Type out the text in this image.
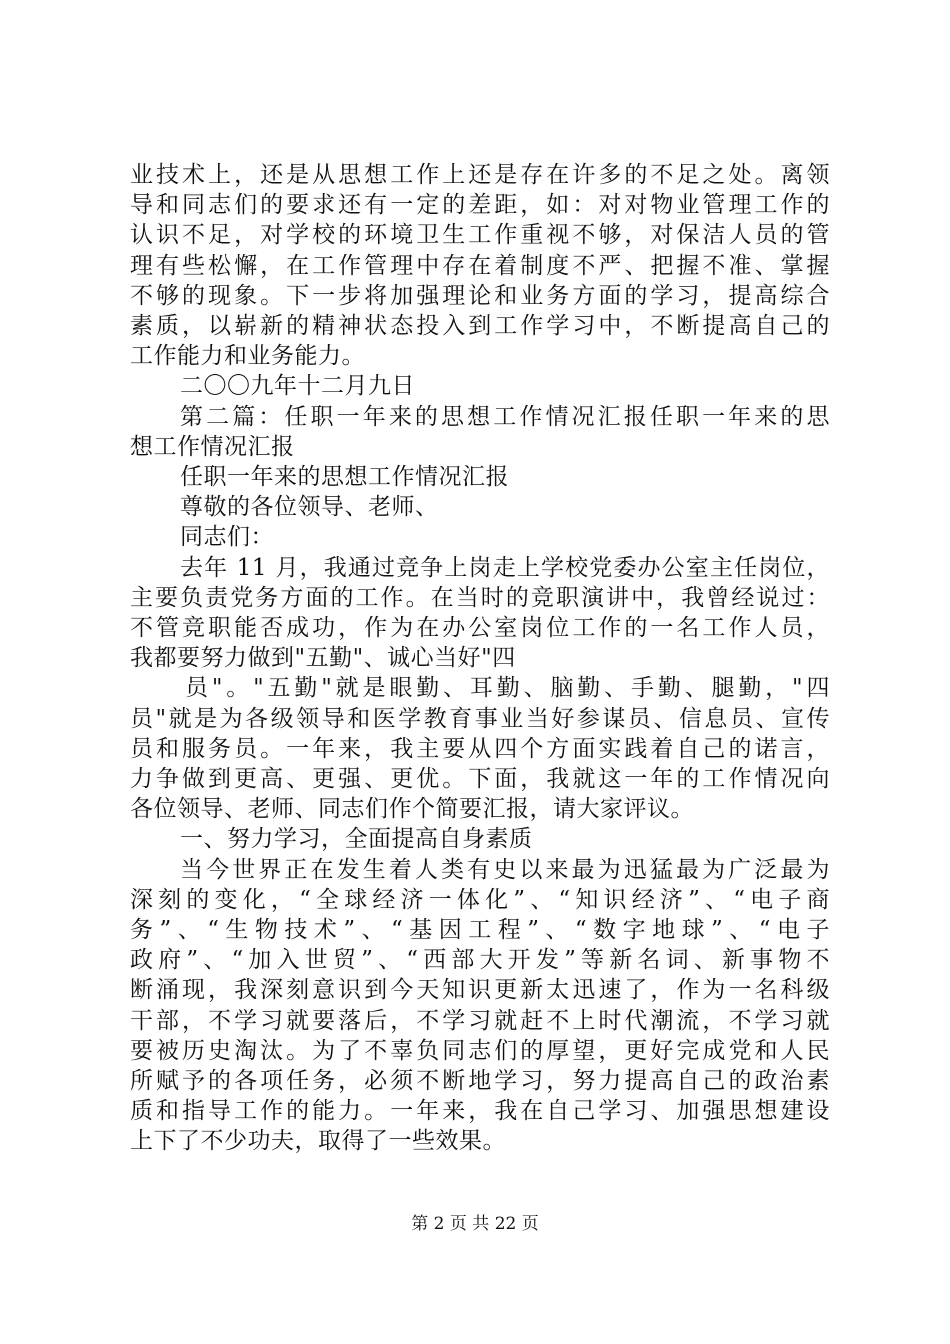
业技术上，还是从思想工作上还是存在许多的不足之处。离领
导和同志们的要求还有一定的差距，如：对对物业管理工作的
认识不足，对学校的环境卫生工作重视不够，对保洁人员的管
理有些松懈，在工作管理中存在着制度不严、把握不准、掌握
不够的现象。下一步将加强理论和业务方面的学习，提高综合
素质，以崭新的精神状态投入到工作学习中，不断提高自己的
工作能力和业务能力。
二〇〇九年十二月九日
第二篇：任职一年来的思想工作情况汇报任职一年来的思
想工作情况汇报
任职一年来的思想工作情况汇报
尊敬的各位领导、老师、
同志们：
去年 11 月，我通过竞争上岗走上学校党委办公室主任岗位，
主要负责党务方面的工作。在当时的竞职演讲中，我曾经说过：
不管竞职能否成功，作为在办公室岗位工作的一名工作人员，
我都要努力做到"五勤"、诚心当好"四
员"。"五勤"就是眼勤、耳勤、脑勤、手勤、腿勤，"四
员"就是为各级领导和医学教育事业当好参谋员、信息员、宣传
员和服务员。一年来，我主要从四个方面实践着自己的诺言，
力争做到更高、更强、更优。下面，我就这一年的工作情况向
各位领导、老师、同志们作个简要汇报，请大家评议。
一、努力学习，全面提高自身素质
当今世界正在发生着人类有史以来最为迅猛最为广泛最为
深刻的变化，“全球经济一体化”、“知识经济”、“电子商
务”、“生物技术”、“基因工程”、“数字地球”、“电子
政府”、“加入世贸”、“西部大开发”等新名词、新事物不
断涌现，我深刻意识到今天知识更新太迅速了，作为一名科级
干部，不学习就要落后，不学习就赶不上时代潮流，不学习就
要被历史淘汰。为了不辜负同志们的厚望，更好完成党和人民
所赋予的各项任务，必须不断地学习，努力提高自己的政治素
质和指导工作的能力。一年来，我在自己学习、加强思想建设
上下了不少功夫，取得了一些效果。
第 2 页 共 22 页
